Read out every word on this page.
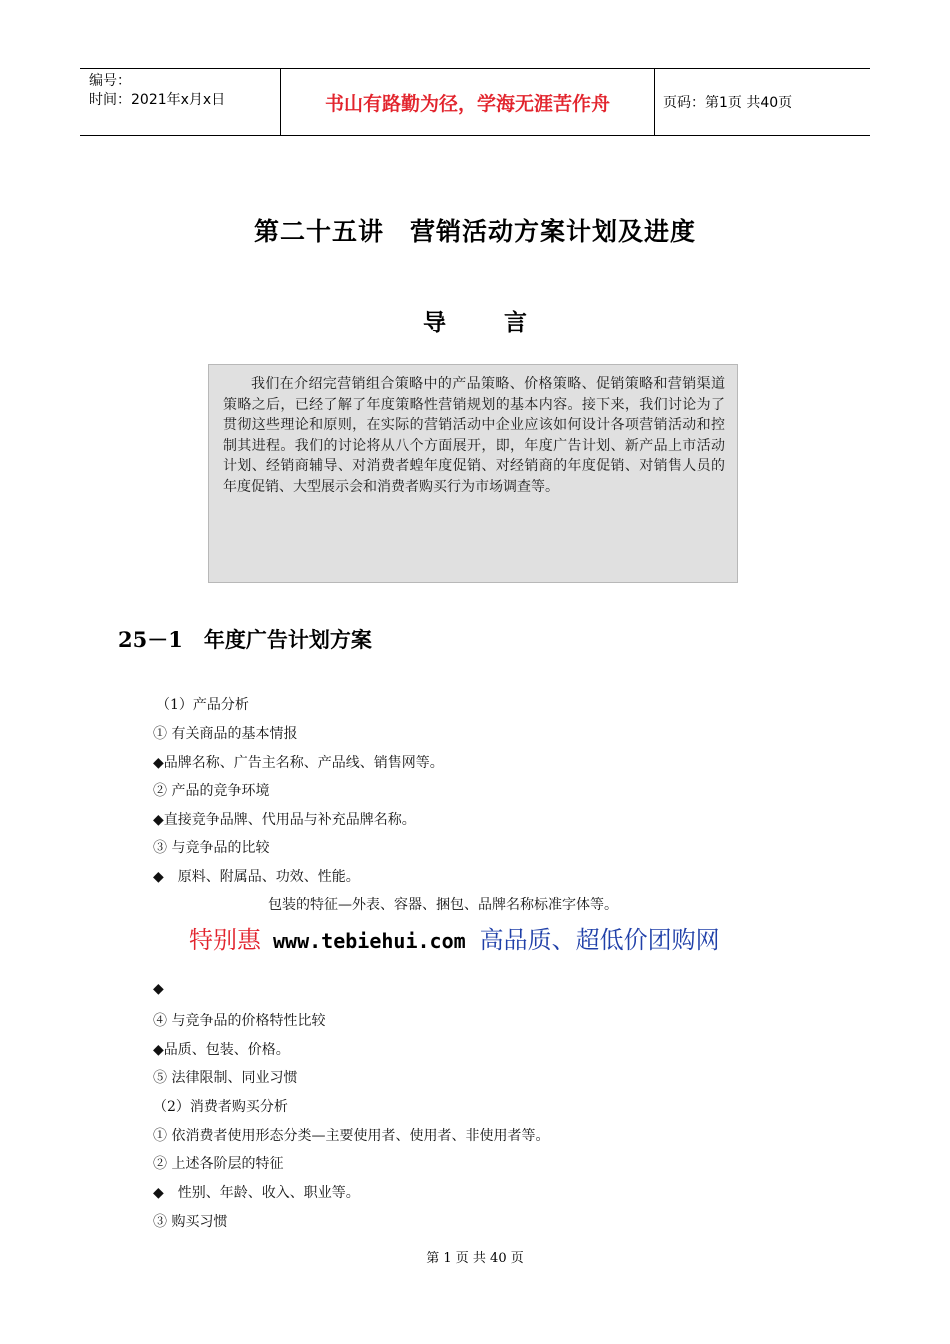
编号：
时间：2021年x月x日	书山有路勤为径，学海无涯苦作舟	页码：第1页 共40页
第二十五讲　营销活动方案计划及进度
导	言
我们在介绍完营销组合策略中的产品策略、价格策略、促销策略和营销渠道策略之后，已经了解了年度策略性营销规划的基本内容。接下来，我们讨论为了贯彻这些理论和原则，在实际的营销活动中企业应该如何设计各项营销活动和控制其进程。我们的讨论将从八个方面展开，即，年度广告计划、新产品上市活动计划、经销商辅导、对消费者蝗年度促销、对经销商的年度促销、对销售人员的年度促销、大型展示会和消费者购买行为市场调查等。
25－1　年度广告计划方案
（1）产品分析
① 有关商品的基本情报
◆品牌名称、广告主名称、产品线、销售网等。
② 产品的竞争环境
◆直接竞争品牌、代用品与补充品牌名称。
③ 与竞争品的比较
◆　原料、附属品、功效、性能。
包装的特征—外表、容器、捆包、品牌名称标准字体等。
特别惠 www.tebiehui.com 高品质、超低价团购网
◆
④ 与竞争品的价格特性比较
◆品质、包装、价格。
⑤ 法律限制、同业习惯
（2）消费者购买分析
① 依消费者使用形态分类—主要使用者、使用者、非使用者等。
② 上述各阶层的特征
◆　性别、年龄、收入、职业等。
③ 购买习惯
第 1 页 共 40 页
